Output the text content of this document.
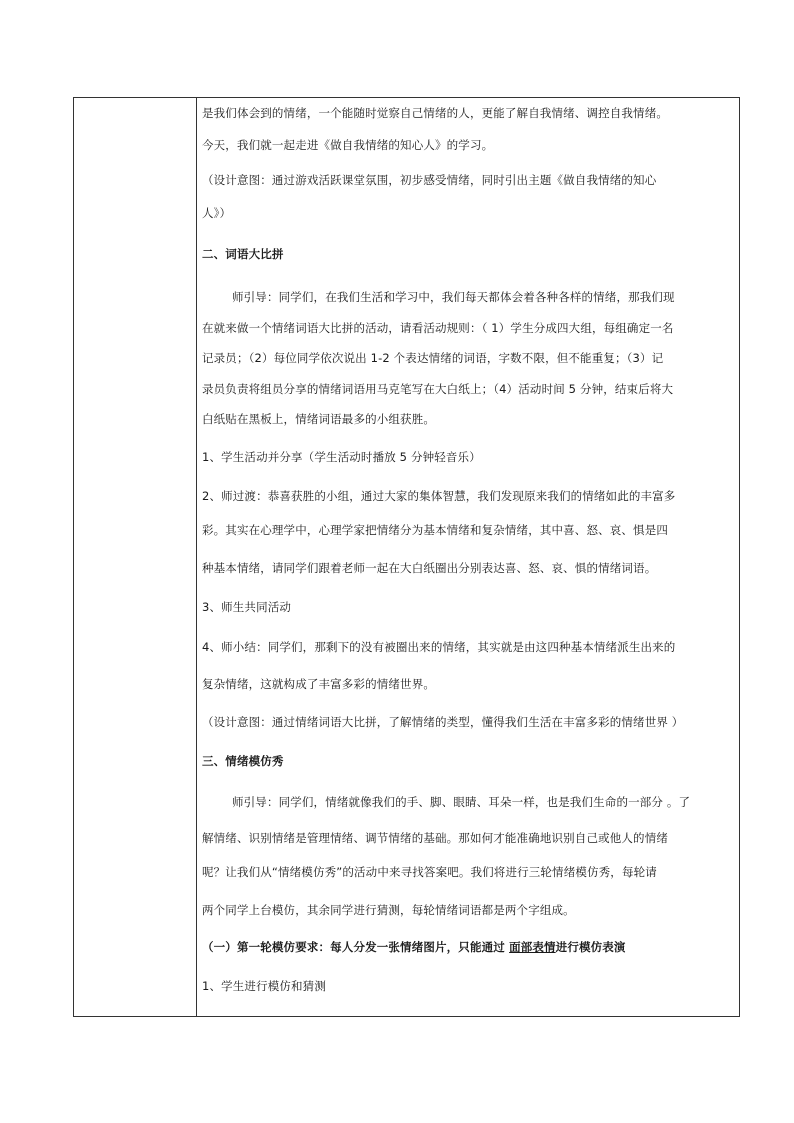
是我们体会到的情绪，一个能随时觉察自己情绪的人，更能了解自我情绪、调控自我情绪。
今天，我们就一起走进《做自我情绪的知心人》的学习。
（设计意图：通过游戏活跃课堂氛围，初步感受情绪，同时引出主题《做自我情绪的知心
人》）
二、词语大比拼
师引导：同学们，在我们生活和学习中，我们每天都体会着各种各样的情绪，那我们现
在就来做一个情绪词语大比拼的活动，请看活动规则：（ 1）学生分成四大组，每组确定一名
记录员；（2）每位同学依次说出 1-2 个表达情绪的词语，字数不限，但不能重复；（3）记
录员负责将组员分享的情绪词语用马克笔写在大白纸上；（4）活动时间 5 分钟，结束后将大
白纸贴在黑板上，情绪词语最多的小组获胜。
1、学生活动并分享（学生活动时播放 5 分钟轻音乐）
2、师过渡：恭喜获胜的小组，通过大家的集体智慧，我们发现原来我们的情绪如此的丰富多
彩。其实在心理学中，心理学家把情绪分为基本情绪和复杂情绪，其中喜、怒、哀、惧是四
种基本情绪，请同学们跟着老师一起在大白纸圈出分别表达喜、怒、哀、惧的情绪词语。
3、师生共同活动
4、师小结：同学们，那剩下的没有被圈出来的情绪，其实就是由这四种基本情绪派生出来的
复杂情绪，这就构成了丰富多彩的情绪世界。
（设计意图：通过情绪词语大比拼，了解情绪的类型，懂得我们生活在丰富多彩的情绪世界 ）
三、情绪模仿秀
师引导：同学们，情绪就像我们的手、脚、眼睛、耳朵一样，也是我们生命的一部分 。了
解情绪、识别情绪是管理情绪、调节情绪的基础。那如何才能准确地识别自己或他人的情绪
呢？让我们从“情绪模仿秀”的活动中来寻找答案吧。我们将进行三轮情绪模仿秀，每轮请
两个同学上台模仿，其余同学进行猜测，每轮情绪词语都是两个字组成。
（一）第一轮模仿要求：每人分发一张情绪图片，只能通过 面部表情进行模仿表演
1、学生进行模仿和猜测
